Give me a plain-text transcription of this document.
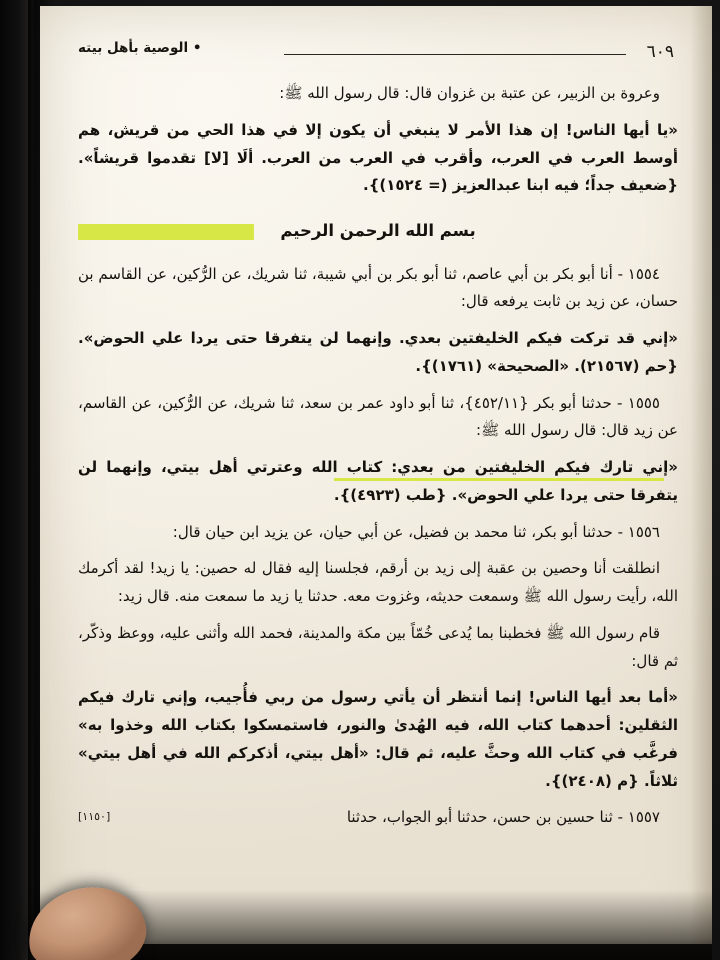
٦٠٩
• الوصية بأهل بيته

وعروة بن الزبير، عن عتبة بن غزوان قال: قال رسول الله ﷺ:

«يا أيها الناس! إن هذا الأمر لا ينبغي أن يكون إلا في هذا الحي من قريش، هم أوسط العرب في العرب، وأقرب في العرب من العرب. ألَا [لا] تقدموا قريشاً». {ضعيف جداً؛ فيه ابنا عبدالعزيز (= ١٥٢٤)}.

بسم الله الرحمن الرحيم

١٥٥٤ - أنا أبو بكر بن أبي عاصم، ثنا أبو بكر بن أبي شيبة، ثنا شريك، عن الرُّكين، عن القاسم بن حسان، عن زيد بن ثابت يرفعه قال:

«إني قد تركت فيكم الخليفتين بعدي. وإنهما لن يتفرقا حتى يردا علي الحوض». {حم (٢١٥٦٧). «الصحيحة» (١٧٦١)}.

١٥٥٥ - حدثنا أبو بكر {٤٥٢/١١}، ثنا أبو داود عمر بن سعد، ثنا شريك، عن الرُّكين، عن القاسم، عن زيد قال: قال رسول الله ﷺ:

«إني تارك فيكم الخليفتين من بعدي: كتاب الله وعترتي أهل بيتي، وإنهما لن يتفرقا حتى يردا علي الحوض». {طب (٤٩٢٣)}.

١٥٥٦ - حدثنا أبو بكر، ثنا محمد بن فضيل، عن أبي حيان، عن يزيد ابن حيان قال:

انطلقت أنا وحصين بن عقبة إلى زيد بن أرقم، فجلسنا إليه فقال له حصين: يا زيد! لقد أكرمك الله، رأيت رسول الله ﷺ وسمعت حديثه، وغزوت معه. حدثنا يا زيد ما سمعت منه. قال زيد:

قام رسول الله ﷺ فخطبنا بما يُدعى خُمّاً بين مكة والمدينة، فحمد الله وأثنى عليه، ووعظ وذكّر، ثم قال:

«أما بعد أيها الناس! إنما أنتظر أن يأتي رسول من ربي فأُجيب، وإني تارك فيكم الثقلين: أحدهما كتاب الله، فيه الهُدىٰ والنور، فاستمسكوا بكتاب الله وخذوا به» فرغَّب في كتاب الله وحثَّ عليه، ثم قال: «أهل بيتي، أذكركم الله في أهل بيتي» ثلاثاً. {م (٢٤٠٨)}.

[١١٥٠]	١٥٥٧ - ثنا حسين بن حسن، حدثنا أبو الجواب، حدثنا
